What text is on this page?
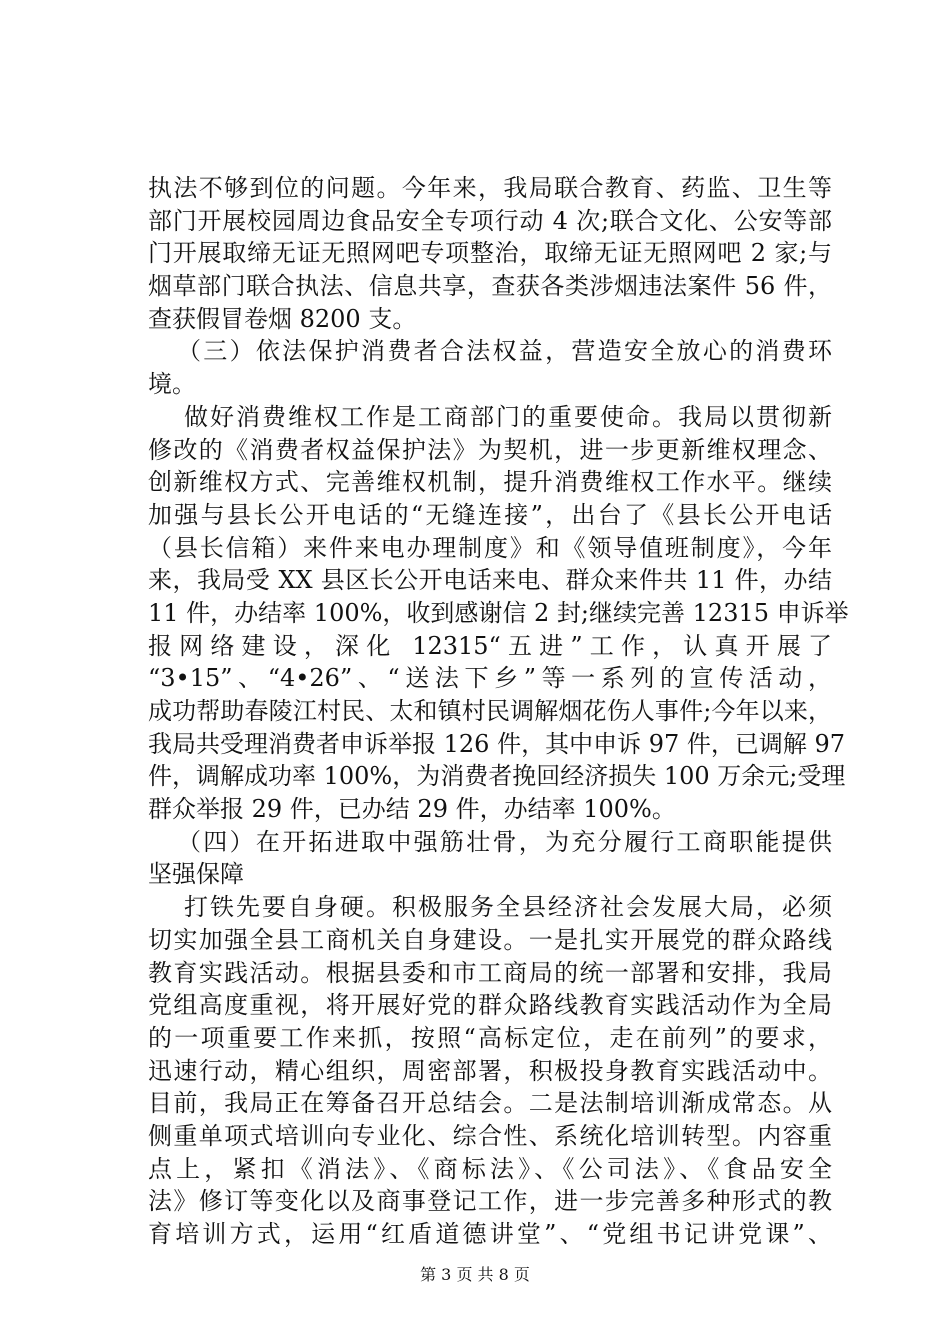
执法不够到位的问题。今年来，我局联合教育、药监、卫生等
部门开展校园周边食品安全专项行动 4 次;联合文化、公安等部
门开展取缔无证无照网吧专项整治，取缔无证无照网吧 2 家;与
烟草部门联合执法、信息共享，查获各类涉烟违法案件 56 件，
查获假冒卷烟 8200 支。
（三）依法保护消费者合法权益，营造安全放心的消费环
境。
做好消费维权工作是工商部门的重要使命。我局以贯彻新
修改的《消费者权益保护法》为契机，进一步更新维权理念、
创新维权方式、完善维权机制，提升消费维权工作水平。继续
加强与县长公开电话的“无缝连接”，出台了《县长公开电话
（县长信箱）来件来电办理制度》和《领导值班制度》，今年
来，我局受 XX 县区长公开电话来电、群众来件共 11 件，办结
11 件，办结率 100%，收到感谢信 2 封;继续完善 12315 申诉举
报网络建设，深化 12315“五进”工作，认真开展了
“3•15”、“4•26”、“送法下乡”等一系列的宣传活动，
成功帮助春陵江村民、太和镇村民调解烟花伤人事件;今年以来，
我局共受理消费者申诉举报 126 件，其中申诉 97 件，已调解 97
件，调解成功率 100%，为消费者挽回经济损失 100 万余元;受理
群众举报 29 件，已办结 29 件，办结率 100%。
（四）在开拓进取中强筋壮骨，为充分履行工商职能提供
坚强保障
打铁先要自身硬。积极服务全县经济社会发展大局，必须
切实加强全县工商机关自身建设。一是扎实开展党的群众路线
教育实践活动。根据县委和市工商局的统一部署和安排，我局
党组高度重视，将开展好党的群众路线教育实践活动作为全局
的一项重要工作来抓，按照“高标定位，走在前列”的要求，
迅速行动，精心组织，周密部署，积极投身教育实践活动中。
目前，我局正在筹备召开总结会。二是法制培训渐成常态。从
侧重单项式培训向专业化、综合性、系统化培训转型。内容重
点上，紧扣《消法》、《商标法》、《公司法》、《食品安全
法》修订等变化以及商事登记工作，进一步完善多种形式的教
育培训方式，运用“红盾道德讲堂”、“党组书记讲党课”、
第 3 页 共 8 页
